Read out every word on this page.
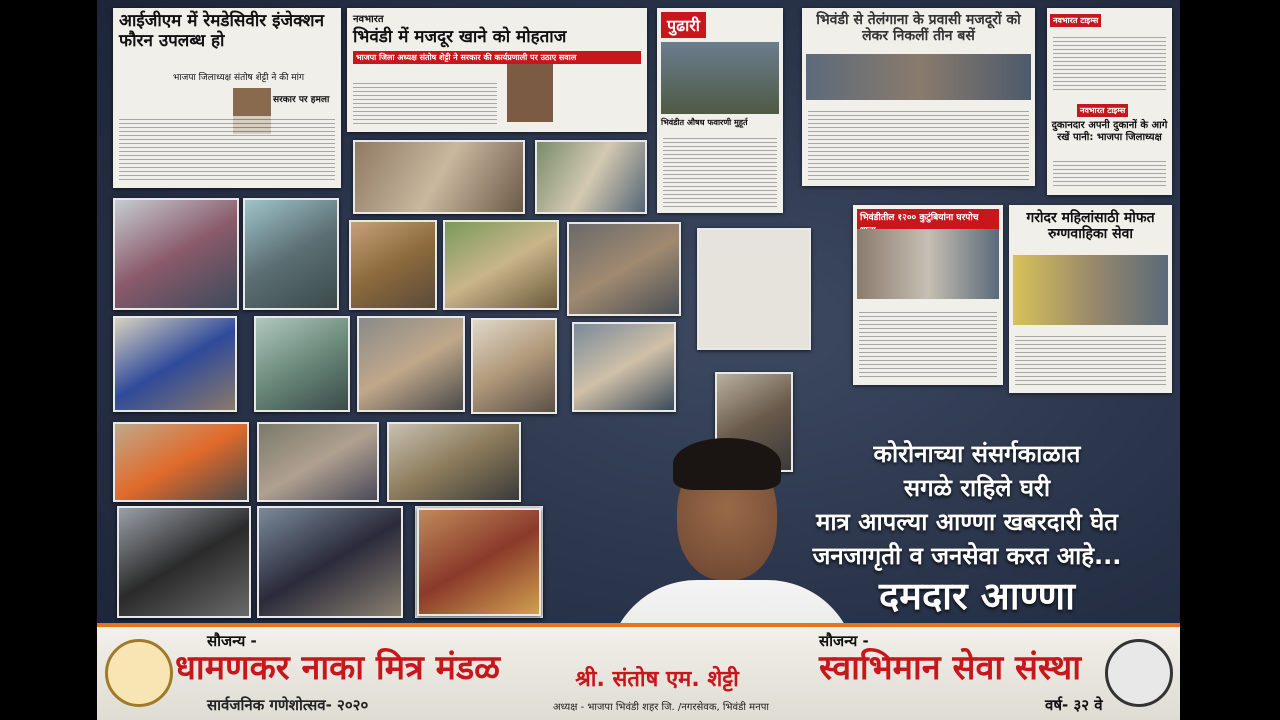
आईजीएम में रेमडेसिवीर इंजेक्शन फौरन उपलब्ध हो
भाजपा जिलाध्यक्ष संतोष शेट्टी ने की मांग
सरकार पर हमला
नवभारत
भिवंडी में मजदूर खाने को मोहताज
भाजपा जिला अध्यक्ष संतोष शेट्टी ने सरकार की कार्यप्रणाली पर उठाए सवाल
पुढारी
भिवंडीत औषध फवारणी मुहूर्त
भिवंडी से तेलंगाना के प्रवासी मजदूरों को लेकर निकलीं तीन बसें
नवभारत टाइम्स
नवभारत टाइम्स
दुकानदार अपनी दुकानों के आगे रखें पानी: भाजपा जिलाध्यक्ष
भिवंडीतील १२०० कुटुंबियांना घरपोच	गरोदर महिलांसाठी मोफत रुग्णवाहिका सेवा
कोरोनाच्या संसर्गकाळात
सगळे राहिले घरी
मात्र आपल्या आण्णा खबरदारी घेत
जनजागृती व जनसेवा करत आहे...
दमदार आण्णा
सौजन्य -
धामणकर नाका मित्र मंडळ
सार्वजनिक गणेशोत्सव- २०२०
श्री. संतोष एम. शेट्टी
अध्यक्ष - भाजपा भिवंडी शहर जि. /नगरसेवक, भिवंडी मनपा
सौजन्य -
स्वाभिमान सेवा संस्था
वर्ष- ३२ वे
